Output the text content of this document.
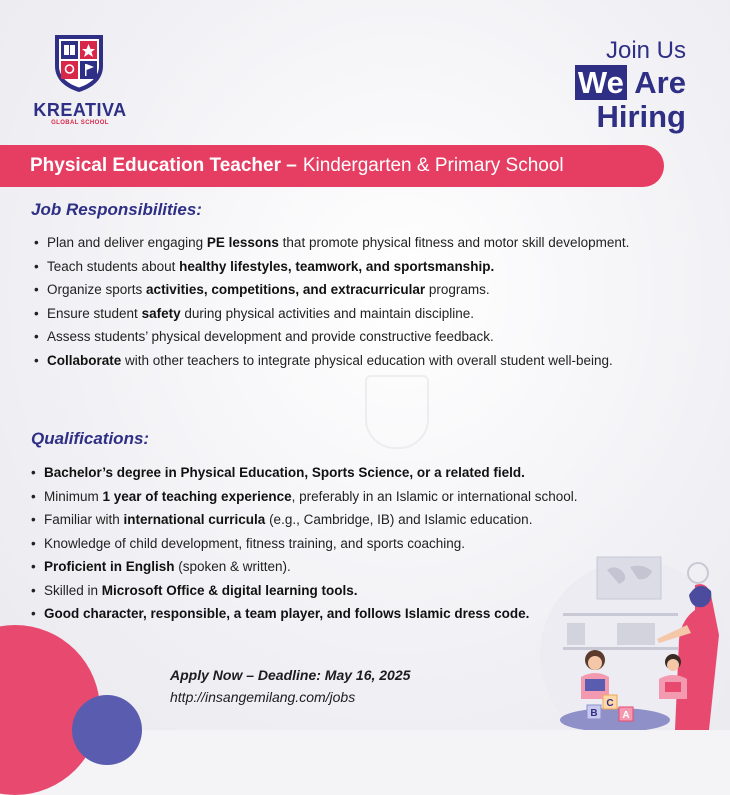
KREATIVA
GLOBAL SCHOOL
Join Us
We Are
Hiring
Physical Education Teacher – Kindergarten & Primary School
Job Responsibilities:
• Plan and deliver engaging PE lessons that promote physical fitness and motor skill development.
• Teach students about healthy lifestyles, teamwork, and sportsmanship.
• Organize sports activities, competitions, and extracurricular programs.
• Ensure student safety during physical activities and maintain discipline.
• Assess students’ physical development and provide constructive feedback.
• Collaborate with other teachers to integrate physical education with overall student well-being.
Qualifications:
• Bachelor’s degree in Physical Education, Sports Science, or a related field.
• Minimum 1 year of teaching experience, preferably in an Islamic or international school.
• Familiar with international curricula (e.g., Cambridge, IB) and Islamic education.
• Knowledge of child development, fitness training, and sports coaching.
• Proficient in English (spoken & written).
• Skilled in Microsoft Office & digital learning tools.
• Good character, responsible, a team player, and follows Islamic dress code.
Apply Now – Deadline: May 16, 2025
http://insangemilang.com/jobs
B
C
A
